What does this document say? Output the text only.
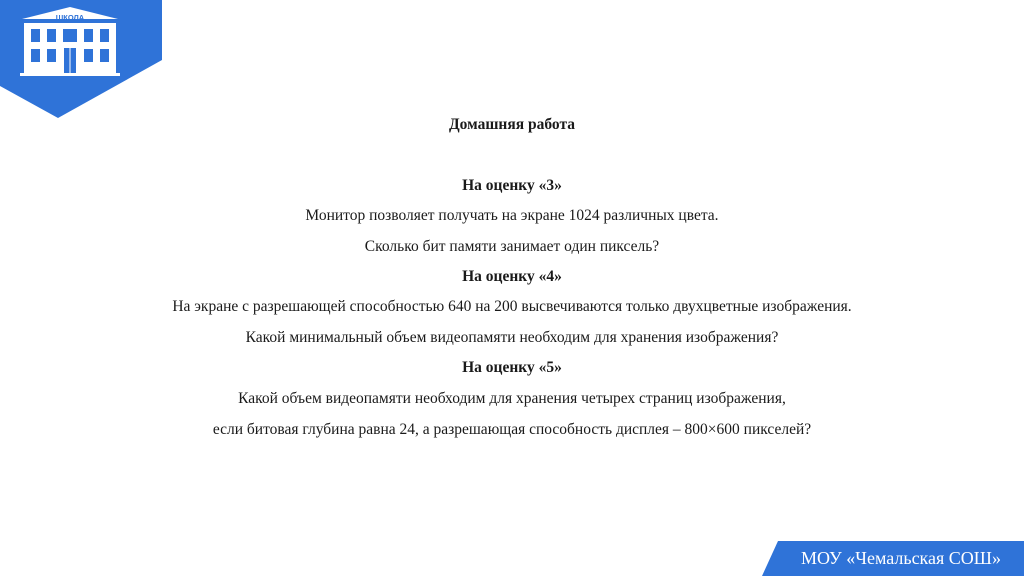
ШКОЛА
Домашняя работа
На оценку «3»
Монитор позволяет получать на экране 1024 различных цвета.
Сколько бит памяти занимает один пиксель?
На оценку «4»
На экране с разрешающей способностью 640 на 200 высвечиваются только двухцветные изображения.
Какой минимальный объем видеопамяти необходим для хранения изображения?
На оценку «5»
Какой объем видеопамяти необходим для хранения четырех страниц изображения,
если битовая глубина равна 24, а разрешающая способность дисплея – 800×600 пикселей?
МОУ «Чемальская СОШ»
